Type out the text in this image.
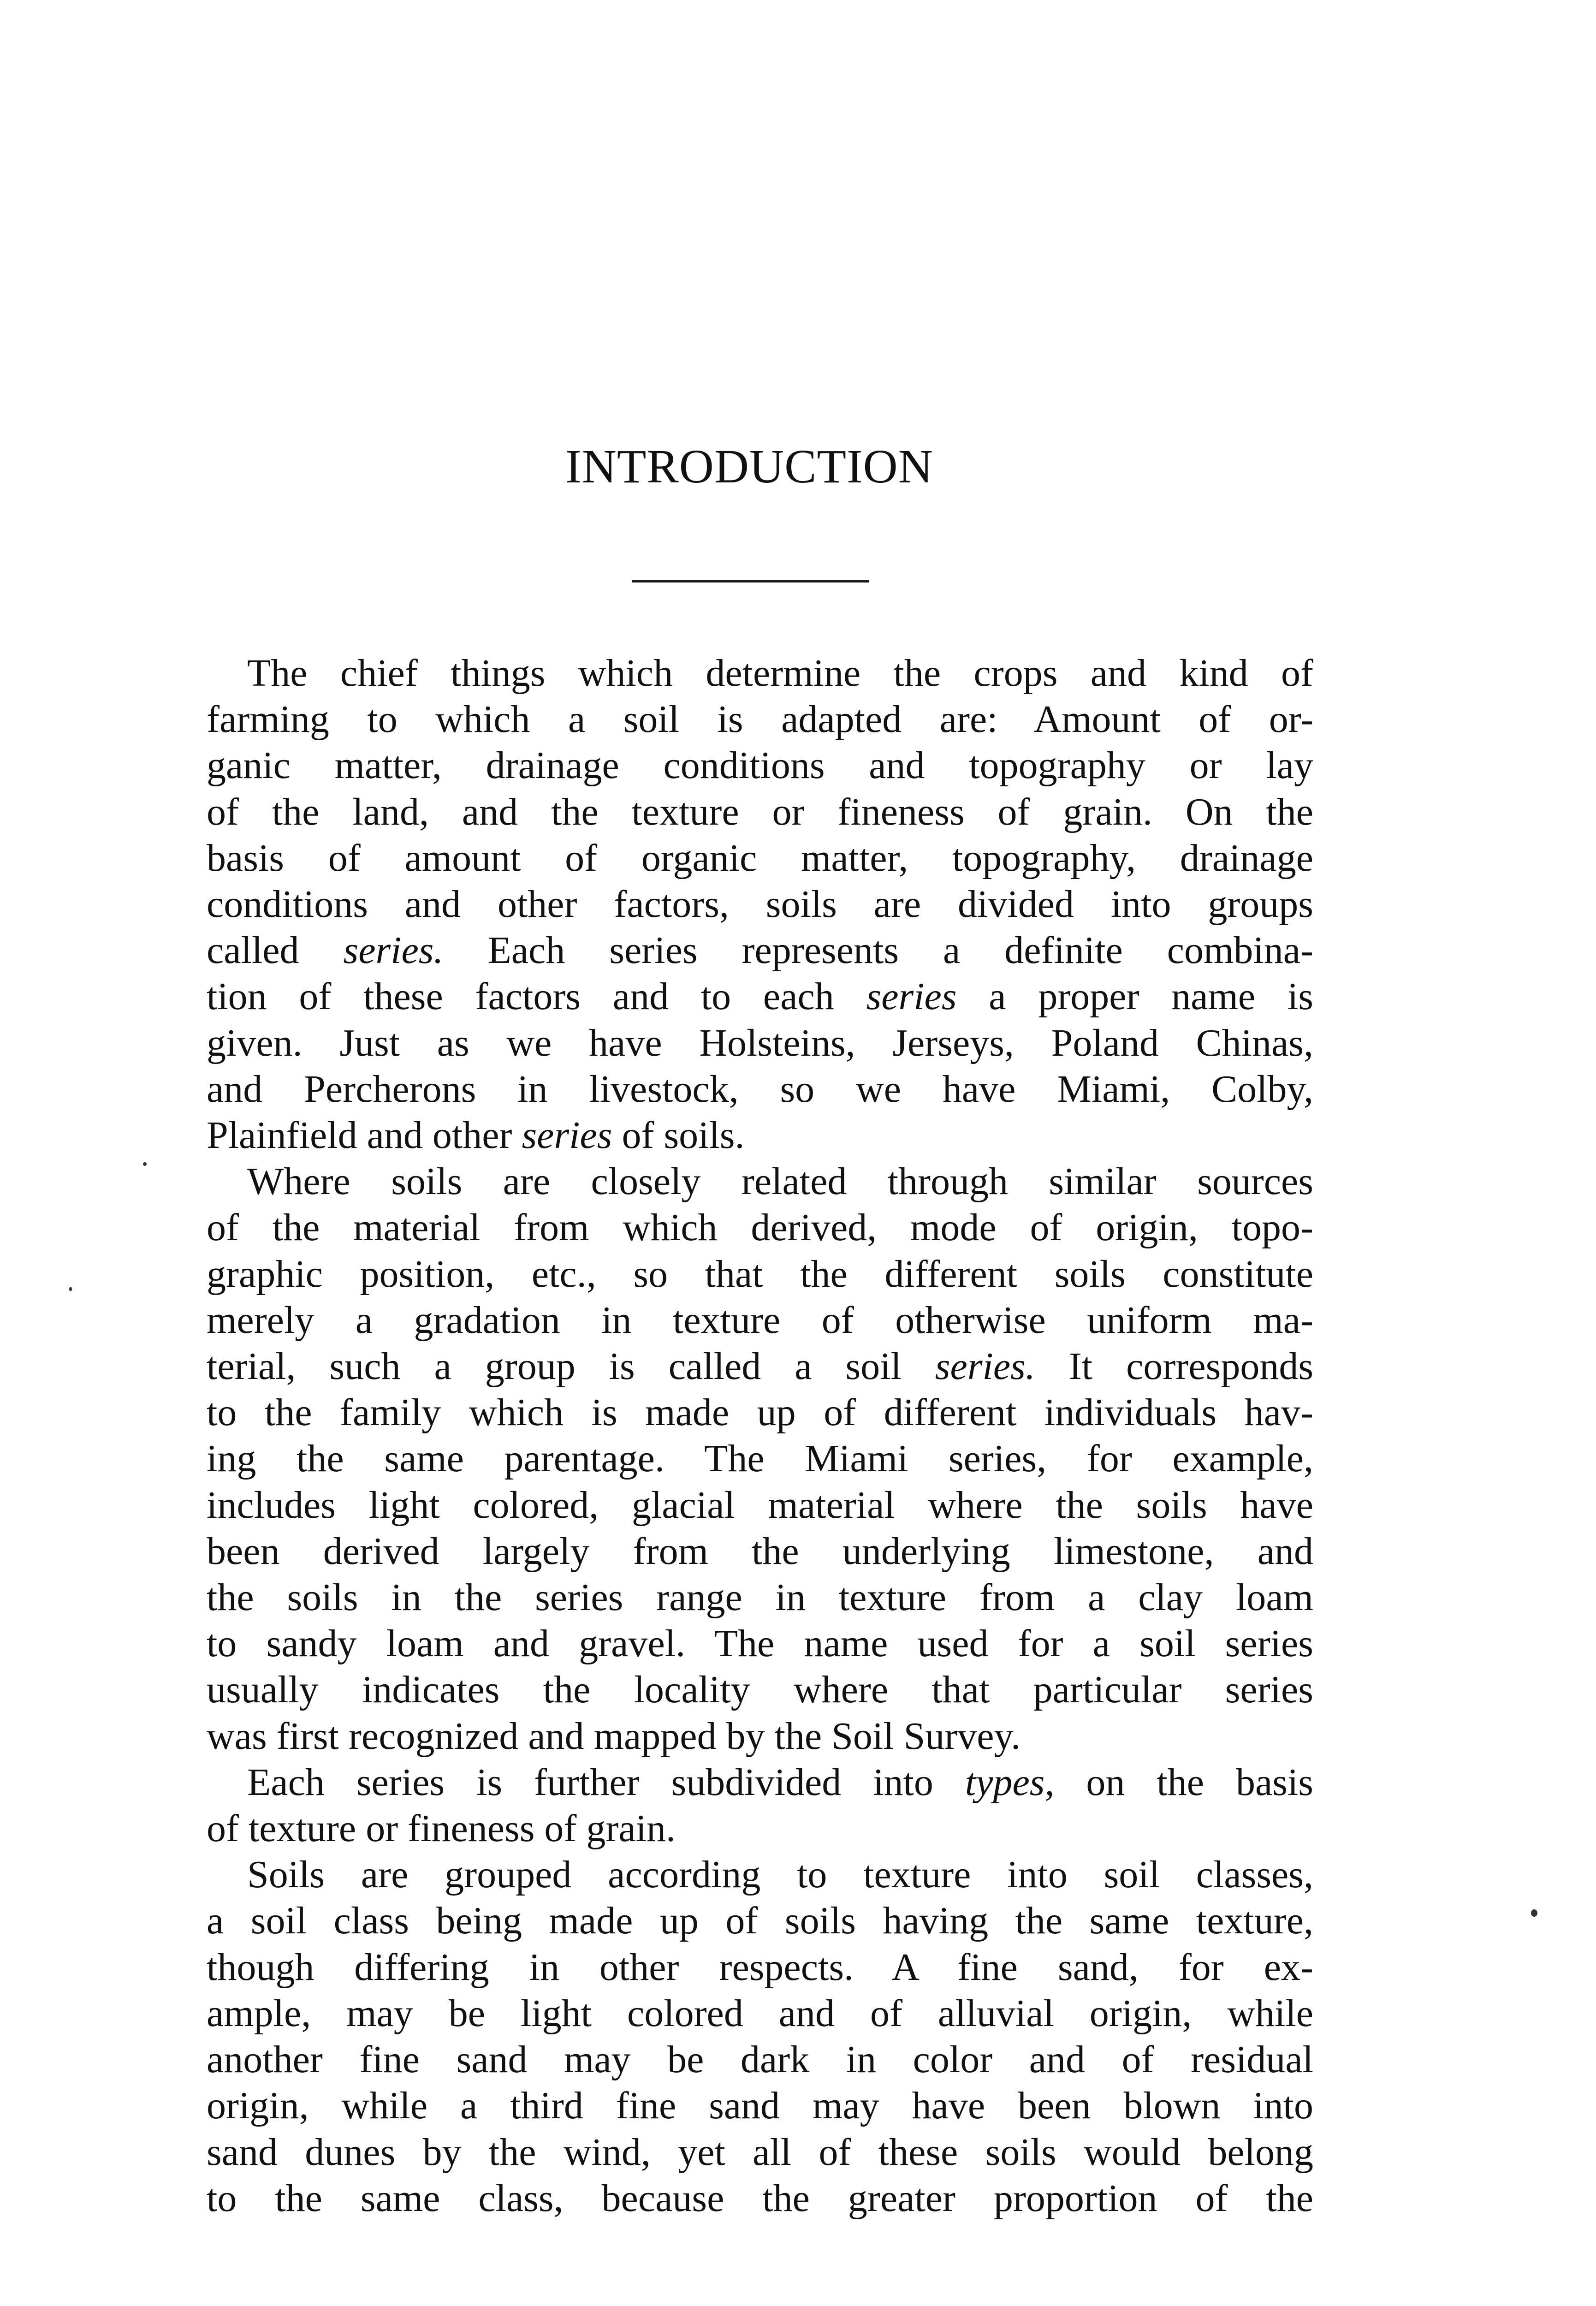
INTRODUCTION
The chief things which determine the crops and kind of
farming to which a soil is adapted are: Amount of or-
ganic matter, drainage conditions and topography or lay
of the land, and the texture or fineness of grain. On the
basis of amount of organic matter, topography, drainage
conditions and other factors, soils are divided into groups
called series. Each series represents a definite combina-
tion of these factors and to each series a proper name is
given. Just as we have Holsteins, Jerseys, Poland Chinas,
and Percherons in livestock, so we have Miami, Colby,
Plainfield and other series of soils.
Where soils are closely related through similar sources
of the material from which derived, mode of origin, topo-
graphic position, etc., so that the different soils constitute
merely a gradation in texture of otherwise uniform ma-
terial, such a group is called a soil series. It corresponds
to the family which is made up of different individuals hav-
ing the same parentage. The Miami series, for example,
includes light colored, glacial material where the soils have
been derived largely from the underlying limestone, and
the soils in the series range in texture from a clay loam
to sandy loam and gravel. The name used for a soil series
usually indicates the locality where that particular series
was first recognized and mapped by the Soil Survey.
Each series is further subdivided into types, on the basis
of texture or fineness of grain.
Soils are grouped according to texture into soil classes,
a soil class being made up of soils having the same texture,
though differing in other respects. A fine sand, for ex-
ample, may be light colored and of alluvial origin, while
another fine sand may be dark in color and of residual
origin, while a third fine sand may have been blown into
sand dunes by the wind, yet all of these soils would belong
to the same class, because the greater proportion of the
